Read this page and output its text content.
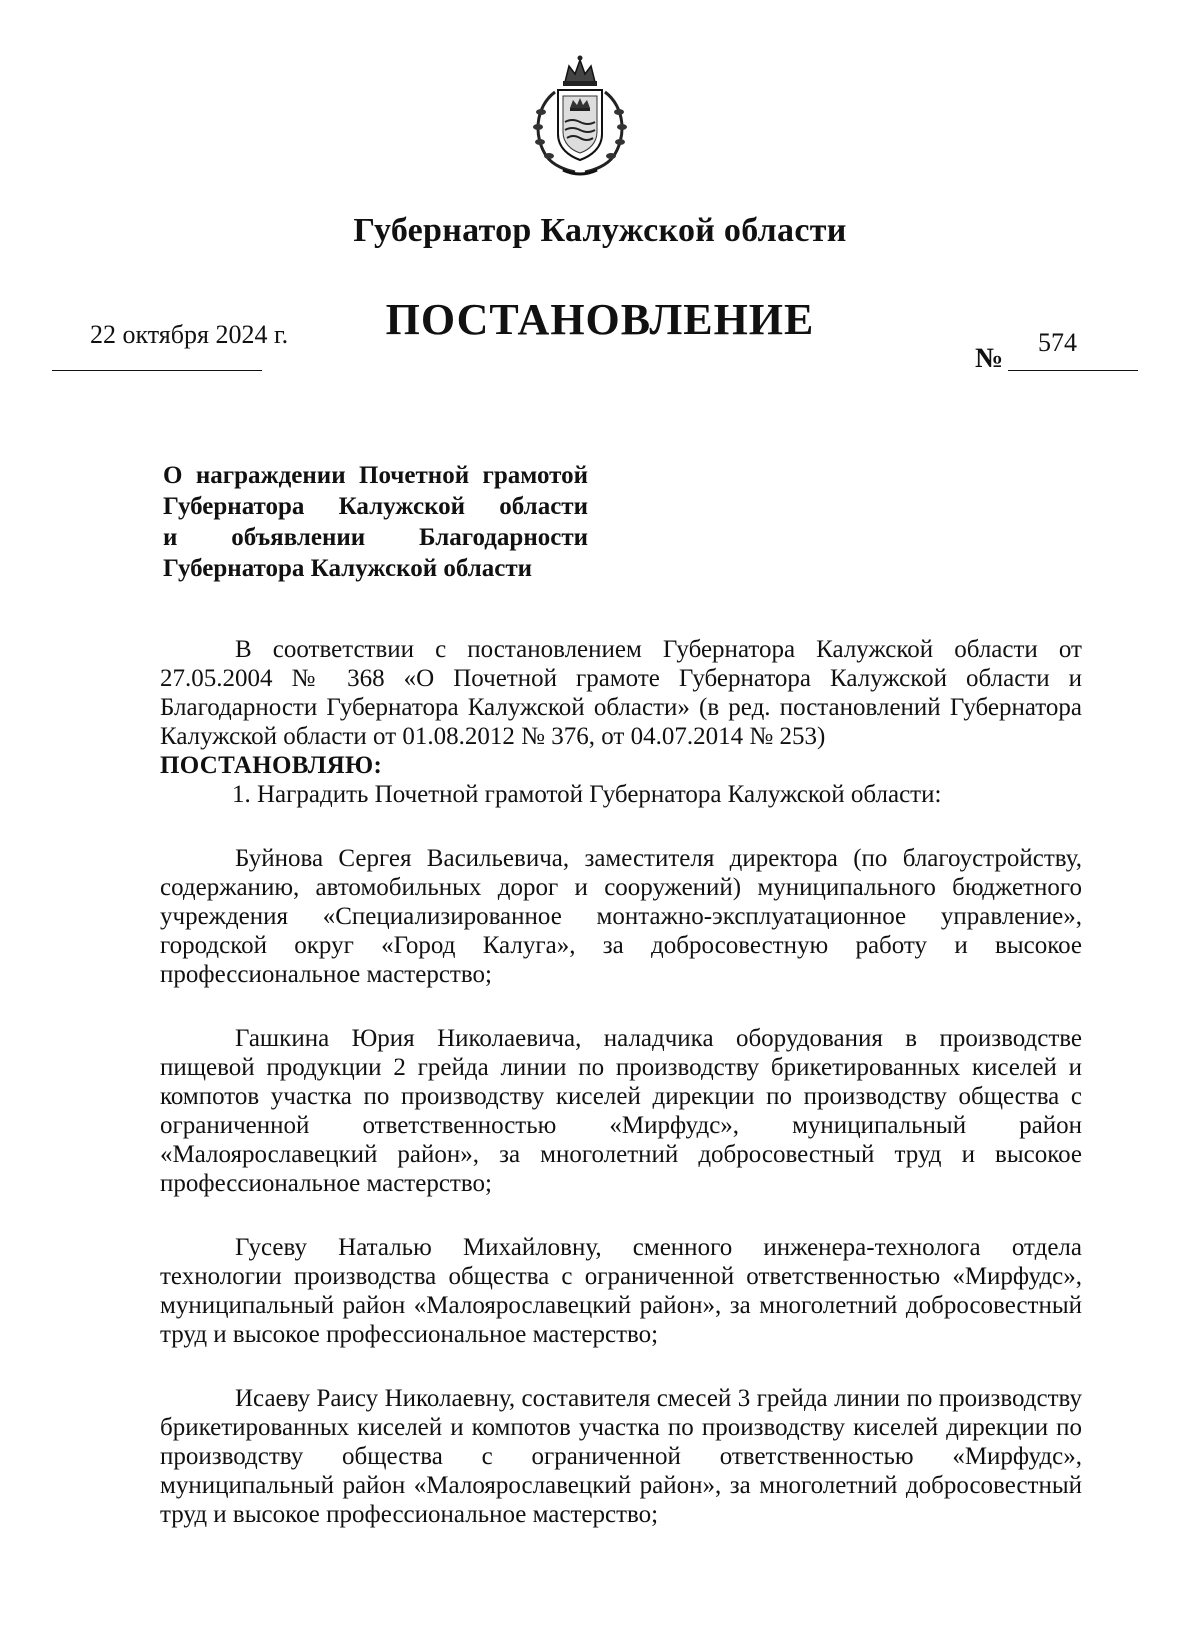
Губернатор Калужской области
ПОСТАНОВЛЕНИЕ
22 октября 2024 г.
№
574
О награждении Почетной грамотой
Губернатора Калужской области
и объявлении Благодарности
Губернатора Калужской области

В соответствии с постановлением Губернатора Калужской области от 27.05.2004 № 368 «О Почетной грамоте Губернатора Калужской области и Благодарности Губернатора Калужской области» (в ред. постановлений Губернатора Калужской области от 01.08.2012 № 376, от 04.07.2014 № 253)

ПОСТАНОВЛЯЮ:

1. Наградить Почетной грамотой Губернатора Калужской области:

Буйнова Сергея Васильевича, заместителя директора (по благоустройству, содержанию, автомобильных дорог и сооружений) муниципального бюджетного учреждения «Специализированное монтажно-эксплуатационное управление», городской округ «Город Калуга», за добросовестную работу и высокое профессиональное мастерство;

Гашкина Юрия Николаевича, наладчика оборудования в производстве пищевой продукции 2 грейда линии по производству брикетированных киселей и компотов участка по производству киселей дирекции по производству общества с ограниченной ответственностью «Мирфудс», муниципальный район «Малоярославецкий район», за многолетний добросовестный труд и высокое профессиональное мастерство;

Гусеву Наталью Михайловну, сменного инженера-технолога отдела технологии производства общества с ограниченной ответственностью «Мирфудс», муниципальный район «Малоярославецкий район», за многолетний добросовестный труд и высокое профессиональное мастерство;

Исаеву Раису Николаевну, составителя смесей 3 грейда линии по производству брикетированных киселей и компотов участка по производству киселей дирекции по производству общества с ограниченной ответственностью «Мирфудс», муниципальный район «Малоярославецкий район», за многолетний добросовестный труд и высокое профессиональное мастерство;
